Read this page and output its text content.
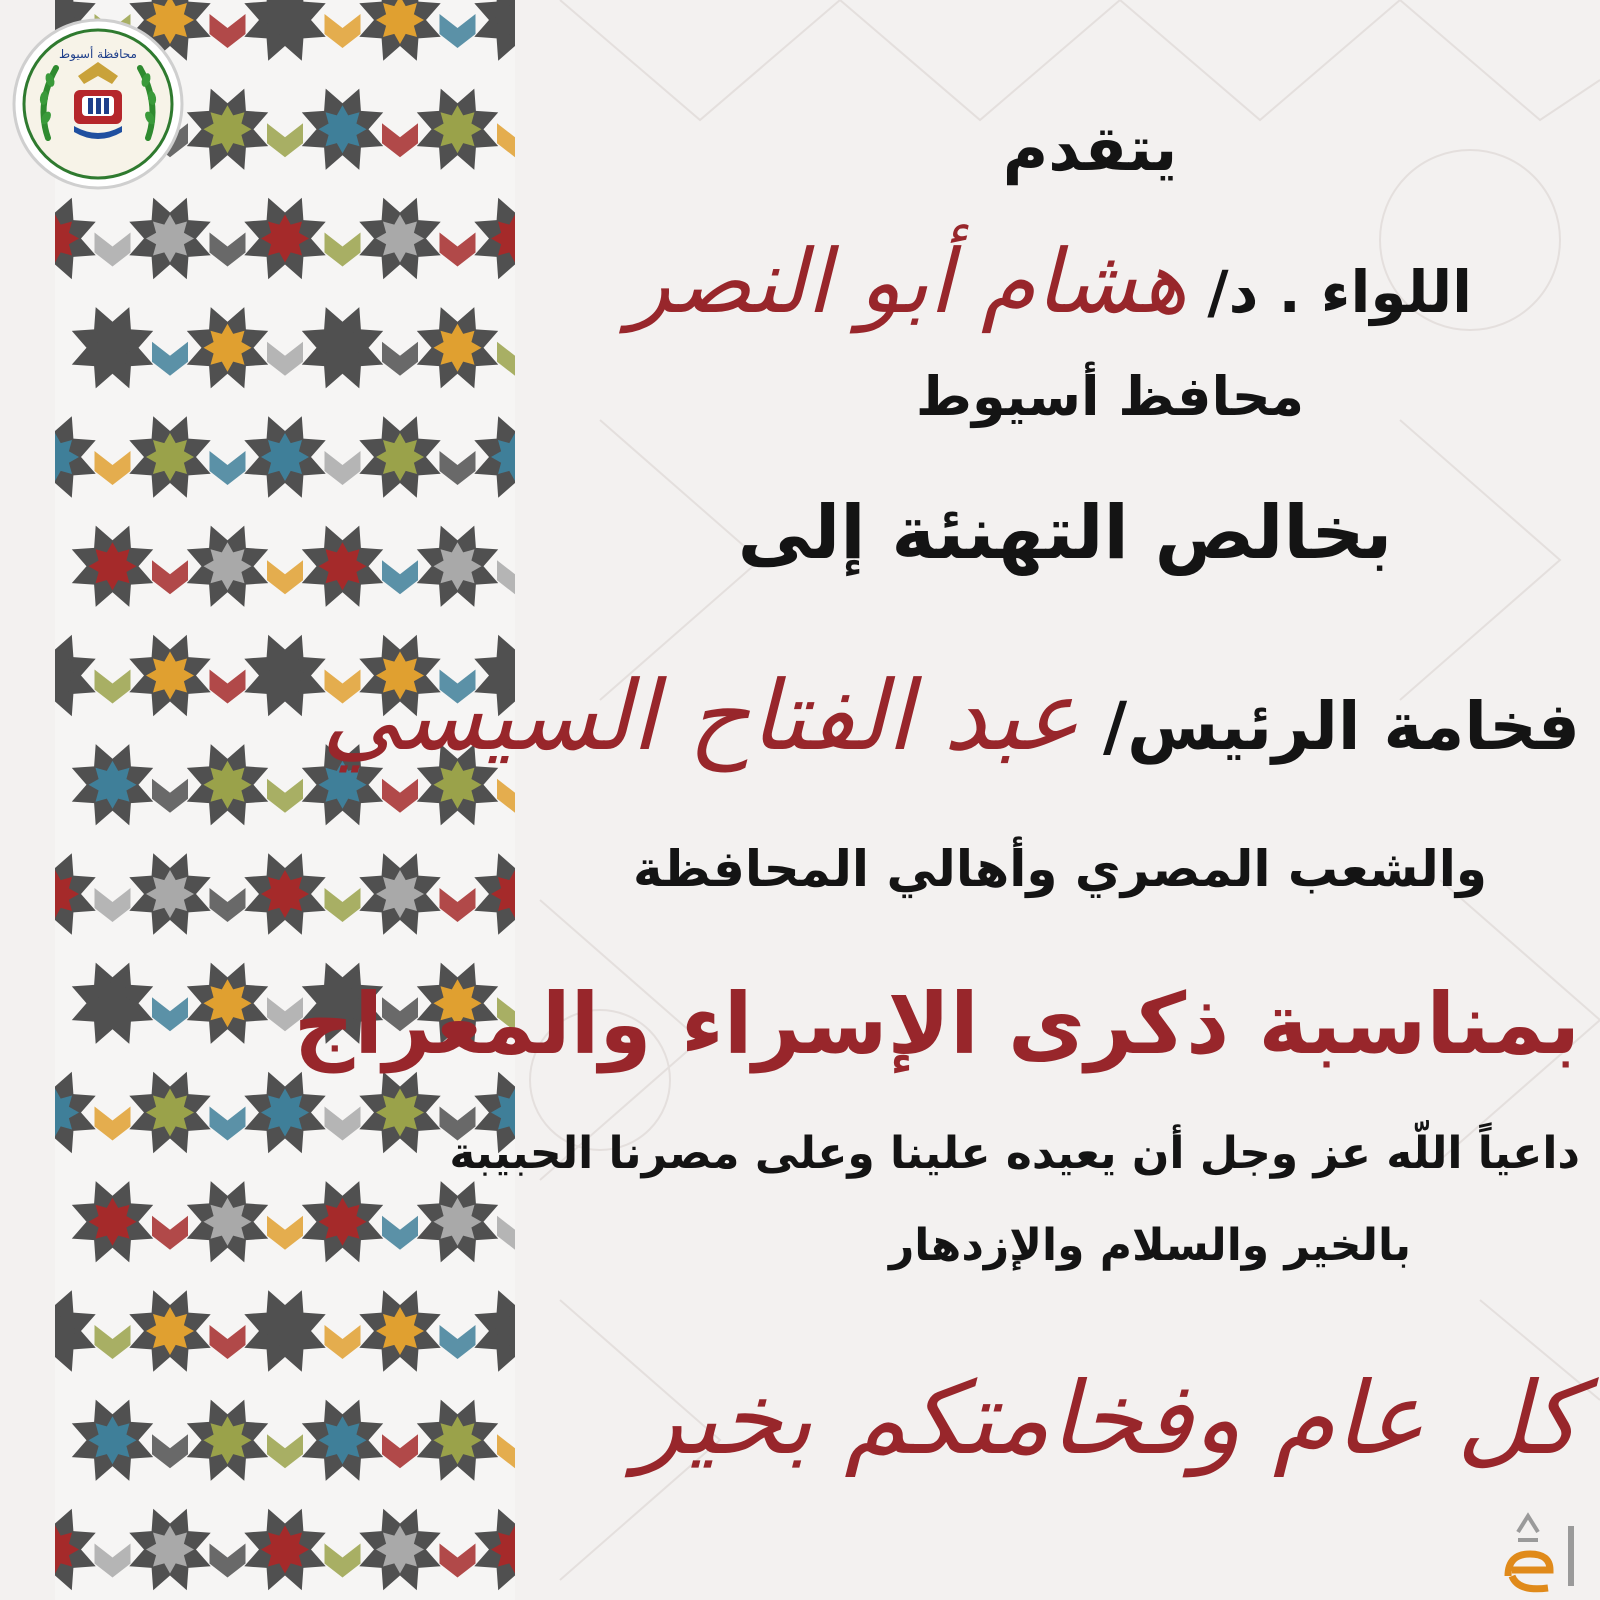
محافظة أسيوط
يتقدم
اللواء . د/ هشام أبو النصر
محافظ أسيوط
بخالص التهنئة إلى
فخامة الرئيس/ عبد الفتاح السيسي
والشعب المصري وأهالي المحافظة
بمناسبة ذكرى الإسراء والمعراج
داعياً اللّه عز وجل أن يعيده علينا وعلى مصرنا الحبيبة
بالخير والسلام والإزدهار
كل عام وفخامتكم بخير
